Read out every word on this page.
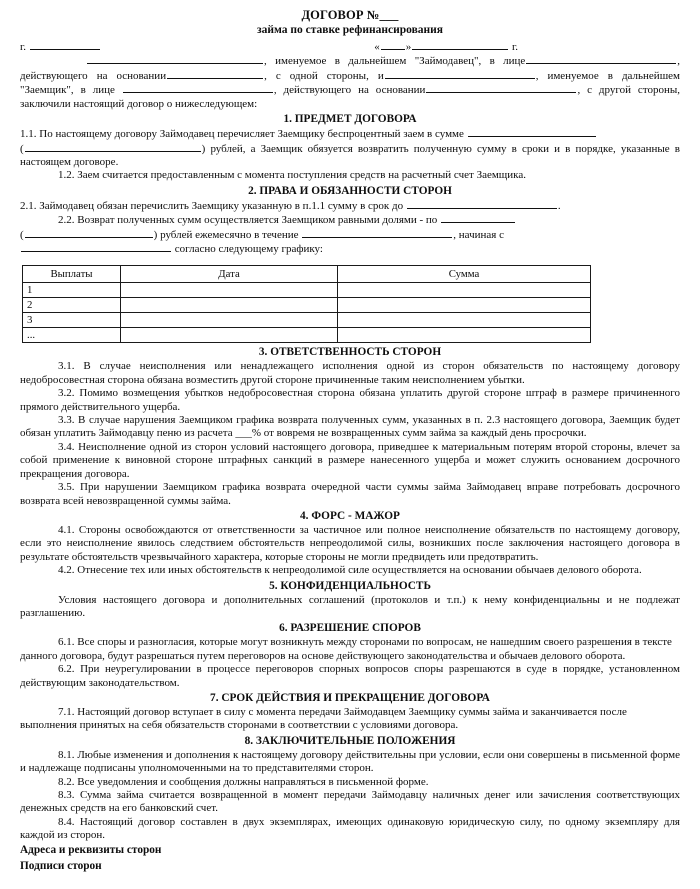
ДОГОВОР №___
займа по ставке рефинансирования

г.	« »	г.

, именуемое в дальнейшем "Займодавец", в лице	, действующего на основании	, с одной стороны, и	, именуемое в дальнейшем "Заемщик", в лице	, действующего на основании	, с другой стороны, заключили настоящий договор о нижеследующем:

1. ПРЕДМЕТ ДОГОВОРА

1.1. По настоящему договору Займодавец перечисляет Заемщику беспроцентный заем в сумме
(	) рублей, а Заемщик обязуется возвратить полученную сумму в сроки и в порядке, указанные в настоящем договоре.

1.2. Заем считается предоставленным с момента поступления средств на расчетный счет Заемщика.

2. ПРАВА И ОБЯЗАННОСТИ СТОРОН

2.1. Займодавец обязан перечислить Заемщику указанную в п.1.1 сумму в срок до	.

2.2. Возврат полученных сумм осуществляется Заемщиком равными долями - по
(	) рублей ежемесячно в течение	, начиная с
согласно следующему графику:

Выплаты	Дата	Сумма
1		
2		
3		
...		
3. ОТВЕТСТВЕННОСТЬ СТОРОН

3.1. В случае неисполнения или ненадлежащего исполнения одной из сторон обязательств по настоящему договору недобросовестная сторона обязана возместить другой стороне причиненные таким неисполнением убытки.

3.2. Помимо возмещения убытков недобросовестная сторона обязана уплатить другой стороне штраф в размере причиненного прямого действительного ущерба.

3.3. В случае нарушения Заемщиком графика возврата полученных сумм, указанных в п. 2.3 настоящего договора, Заемщик будет обязан уплатить Займодавцу пеню из расчета ___% от вовремя не возвращенных сумм займа за каждый день просрочки.

3.4. Неисполнение одной из сторон условий настоящего договора, приведшее к материальным потерям второй стороны, влечет за собой применение к виновной стороне штрафных санкций в размере нанесенного ущерба и может служить основанием досрочного прекращения договора.

3.5. При нарушении Заемщиком графика возврата очередной части суммы займа Займодавец вправе потребовать досрочного возврата всей невозвращенной суммы займа.

4. ФОРС - МАЖОР

4.1. Стороны освобождаются от ответственности за частичное или полное неисполнение обязательств по настоящему договору, если это неисполнение явилось следствием обстоятельств непреодолимой силы, возникших после заключения настоящего договора в результате обстоятельств чрезвычайного характера, которые стороны не могли предвидеть или предотвратить.

4.2. Отнесение тех или иных обстоятельств к непреодолимой силе осуществляется на основании обычаев делового оборота.

5. КОНФИДЕНЦИАЛЬНОСТЬ

Условия настоящего договора и дополнительных соглашений (протоколов и т.п.) к нему конфиденциальны и не подлежат разглашению.

6. РАЗРЕШЕНИЕ СПОРОВ

6.1. Все споры и разногласия, которые могут возникнуть между сторонами по вопросам, не нашедшим своего разрешения в тексте данного договора, будут разрешаться путем переговоров на основе действующего законодательства и обычаев делового оборота.

6.2. При неурегулировании в процессе переговоров спорных вопросов споры разрешаются в суде в порядке, установленном действующим законодательством.

7. СРОК ДЕЙСТВИЯ И ПРЕКРАЩЕНИЕ ДОГОВОРА

7.1. Настоящий договор вступает в силу с момента передачи Займодавцем Заемщику суммы займа и заканчивается после выполнения принятых на себя обязательств сторонами в соответствии с условиями договора.

8. ЗАКЛЮЧИТЕЛЬНЫЕ ПОЛОЖЕНИЯ

8.1. Любые изменения и дополнения к настоящему договору действительны при условии, если они совершены в письменной форме и надлежаще подписаны уполномоченными на то представителями сторон.

8.2. Все уведомления и сообщения должны направляться в письменной форме.

8.3. Сумма займа считается возвращенной в момент передачи Займодавцу наличных денег или зачисления соответствующих денежных средств на его банковский счет.

8.4. Настоящий договор составлен в двух экземплярах, имеющих одинаковую юридическую силу, по одному экземпляру для каждой из сторон.

Адреса и реквизиты сторон

Подписи сторон
